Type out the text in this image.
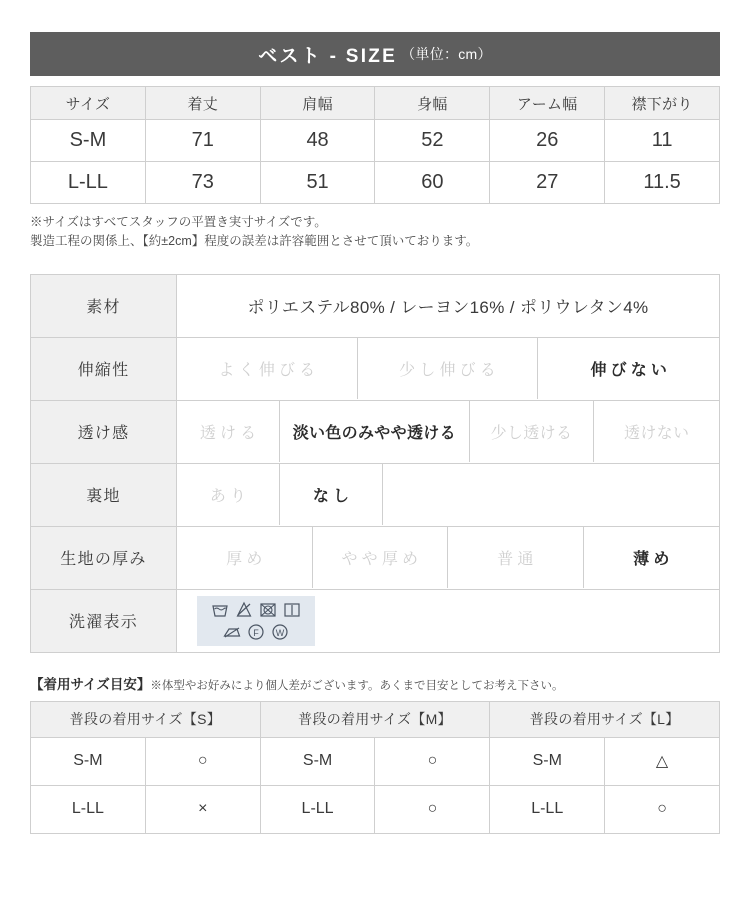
ベスト - SIZE （単位：cm）
サイズ	着丈	肩幅	身幅	アーム幅	襟下がり
S-M	71	48	52	26	11
L-LL	73	51	60	27	11.5
※サイズはすべてスタッフの平置き実寸サイズです。
製造工程の関係上、【約±2cm】程度の誤差は許容範囲とさせて頂いております。
素材	ポリエステル80% / レーヨン16% / ポリウレタン4%
伸縮性	よく伸びる 少し伸びる 伸びない

透け感	透ける 淡い色のみやや透ける 少し透ける 透けない

裏地	あり なし

生地の厚み	厚め やや厚め 普通 薄め

洗濯表示	F W
【着用サイズ目安】※体型やお好みにより個人差がございます。あくまで目安としてお考え下さい。
普段の着用サイズ【S】		普段の着用サイズ【M】		普段の着用サイズ【L】	
S-M	○	S-M	○	S-M	△
L-LL	×	L-LL	○	L-LL	○
